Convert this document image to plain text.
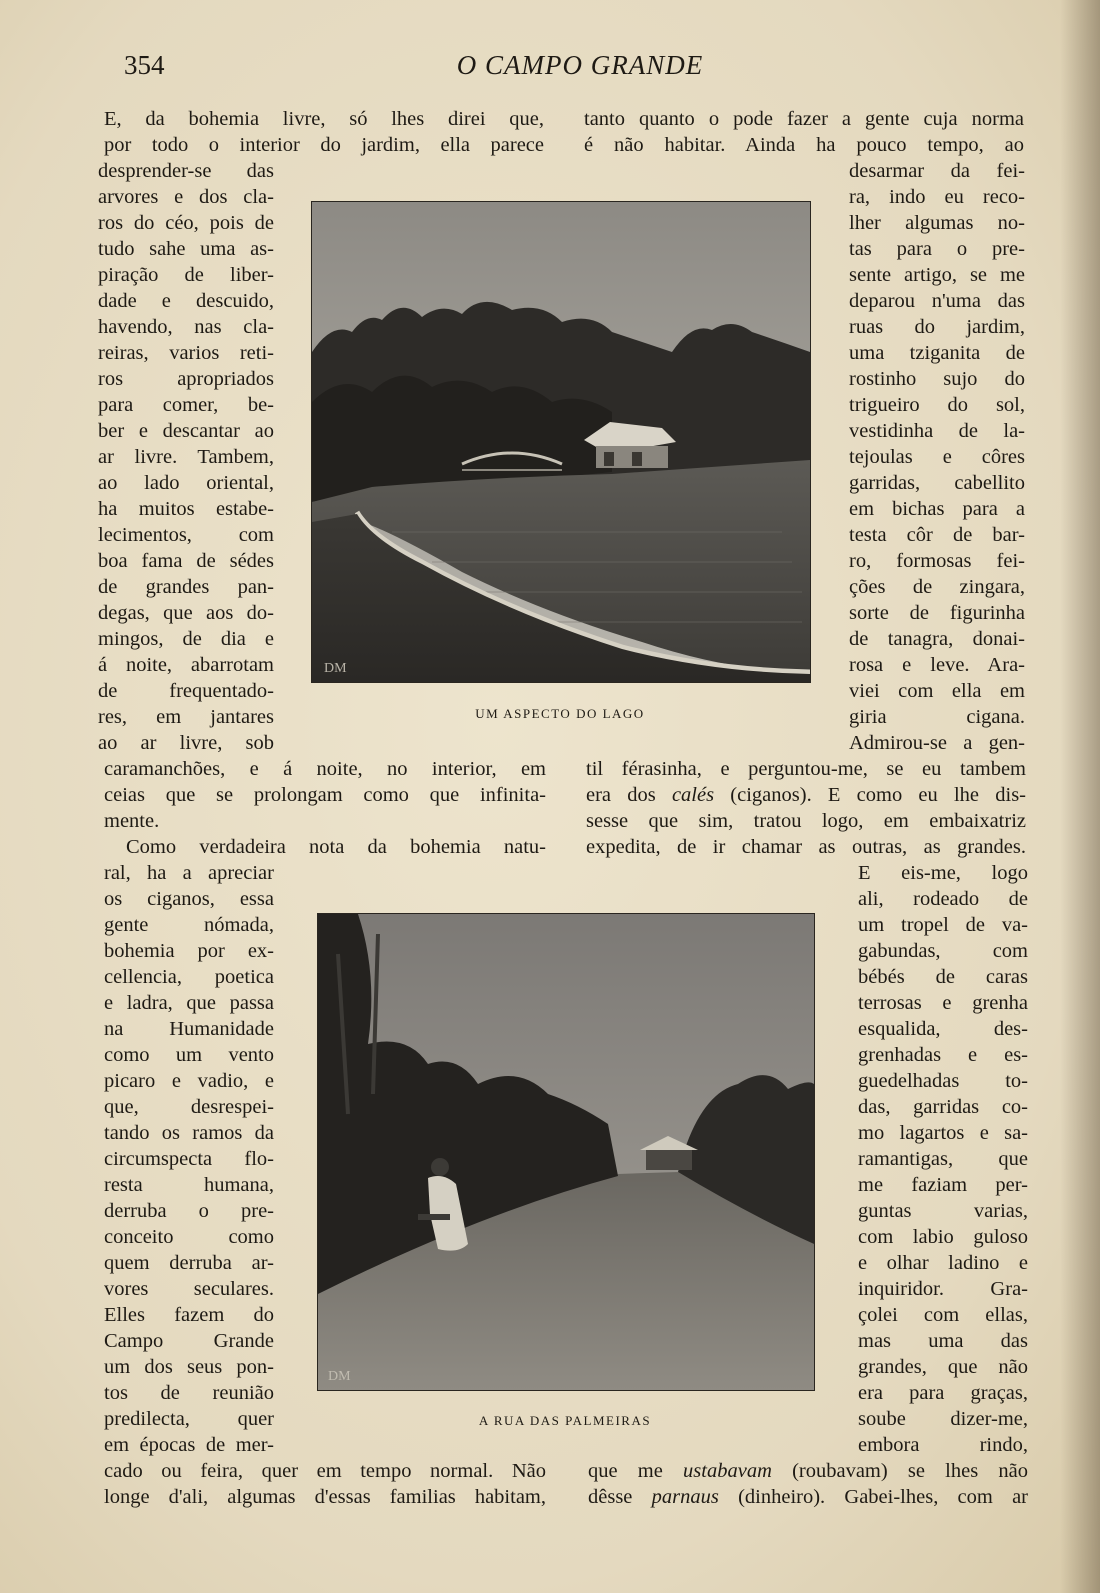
354	O CAMPO GRANDE
E, da bohemia livre, só lhes direi que,
por todo o interior do jardim, ella parece
desprender-se das
arvores e dos cla-
ros do céo, pois de
tudo sahe uma as-
piração de liber-
dade e descuido,
havendo, nas cla-
reiras, varios reti-
ros apropriados
para comer, be-
ber e descantar ao
ar livre. Tambem,
ao lado oriental,
ha muitos estabe-
lecimentos, com
boa fama de sédes
de grandes pan-
degas, que aos do-
mingos, de dia e
á noite, abarrotam
de frequentado-
res, em jantares
ao ar livre, sob
caramanchões, e á noite, no interior, em
ceias que se prolongam como que infinita-
mente.
Como verdadeira nota da bohemia natu-
ral, ha a apreciar
os ciganos, essa
gente nómada,
bohemia por ex-
cellencia, poetica
e ladra, que passa
na Humanidade
como um vento
picaro e vadio, e
que, desrespei-
tando os ramos da
circumspecta flo-
resta humana,
derruba o pre-
conceito como
quem derruba ar-
vores seculares.
Elles fazem do
Campo Grande
um dos seus pon-
tos de reunião
predilecta, quer
em épocas de mer-
cado ou feira, quer em tempo normal. Não
longe d'ali, algumas d'essas familias habitam,
tanto quanto o pode fazer a gente cuja norma
é não habitar. Ainda ha pouco tempo, ao
desarmar da fei-
ra, indo eu reco-
lher algumas no-
tas para o pre-
sente artigo, se me
deparou n'uma das
ruas do jardim,
uma tziganita de
rostinho sujo do
trigueiro do sol,
vestidinha de la-
tejoulas e côres
garridas, cabellito
em bichas para a
testa côr de bar-
ro, formosas fei-
ções de zingara,
sorte de figurinha
de tanagra, donai-
rosa e leve. Ara-
viei com ella em
giria cigana.
Admirou-se a gen-
til férasinha, e perguntou-me, se eu tambem
era dos calés (ciganos). E como eu lhe dis-
sesse que sim, tratou logo, em embaixatriz
expedita, de ir chamar as outras, as grandes.
E eis-me, logo
ali, rodeado de
um tropel de va-
gabundas, com
bébés de caras
terrosas e grenha
esqualida, des-
grenhadas e es-
guedelhadas to-
das, garridas co-
mo lagartos e sa-
ramantigas, que
me faziam per-
guntas varias,
com labio guloso
e olhar ladino e
inquiridor. Gra-
çolei com ellas,
mas uma das
grandes, que não
era para graças,
soube dizer-me,
embora rindo,
que me ustabavam (roubavam) se lhes não
dêsse parnaus (dinheiro). Gabei-lhes, com ar
DM
UM ASPECTO DO LAGO
DM
A RUA DAS PALMEIRAS
